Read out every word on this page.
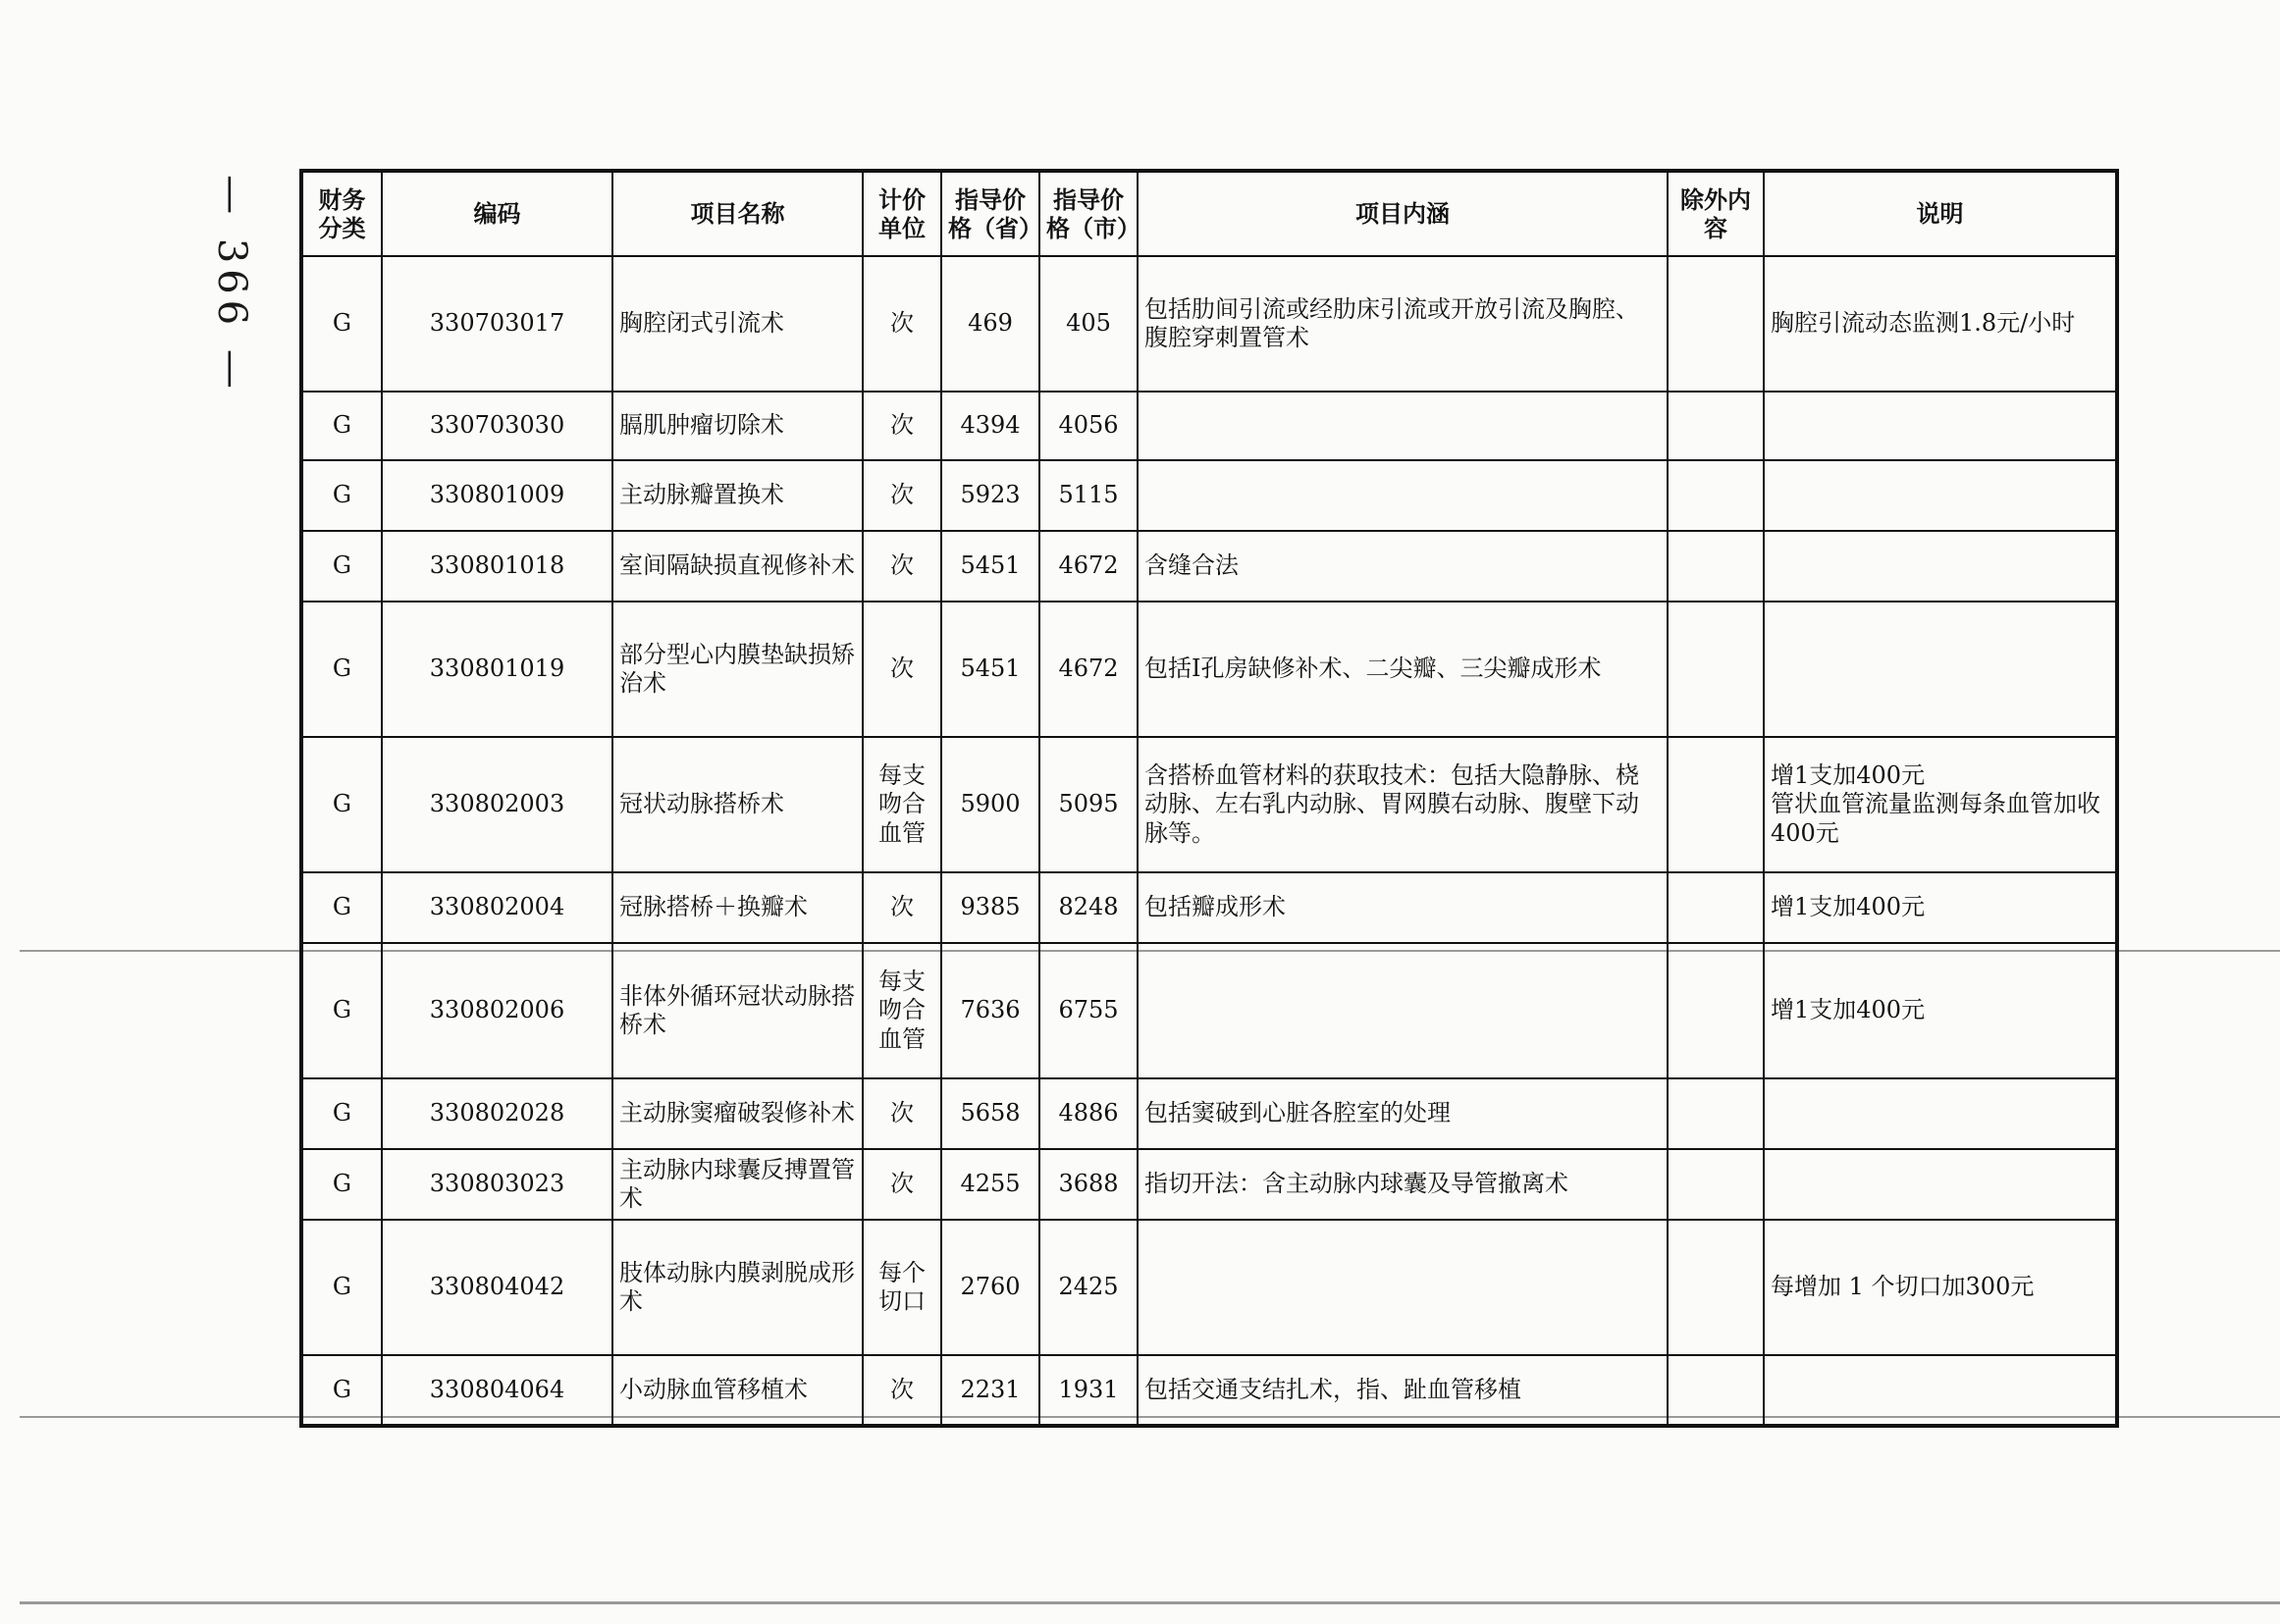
— 366 —	财务分类	编码	项目名称	计价单位	指导价格（省）	指导价格（市）	项目内涵	除外内容	说明
G	330703017	胸腔闭式引流术	次	469	405	包括肋间引流或经肋床引流或开放引流及胸腔、腹腔穿刺置管术		胸腔引流动态监测1.8元/小时
G	330703030	膈肌肿瘤切除术	次	4394	4056			
G	330801009	主动脉瓣置换术	次	5923	5115			
G	330801018	室间隔缺损直视修补术	次	5451	4672	含缝合法		
G	330801019	部分型心内膜垫缺损矫治术	次	5451	4672	包括Ⅰ孔房缺修补术、二尖瓣、三尖瓣成形术		
G	330802003	冠状动脉搭桥术	每支吻合血管	5900	5095	含搭桥血管材料的获取技术：包括大隐静脉、桡动脉、左右乳内动脉、胃网膜右动脉、腹壁下动脉等。		增1支加400元
管状血管流量监测每条血管加收400元
G	330802004	冠脉搭桥＋换瓣术	次	9385	8248	包括瓣成形术		增1支加400元
G	330802006	非体外循环冠状动脉搭桥术	每支吻合血管	7636	6755			增1支加400元
G	330802028	主动脉窦瘤破裂修补术	次	5658	4886	包括窦破到心脏各腔室的处理		
G	330803023	主动脉内球囊反搏置管术	次	4255	3688	指切开法：含主动脉内球囊及导管撤离术		
G	330804042	肢体动脉内膜剥脱成形术	每个切口	2760	2425			每增加 1 个切口加300元
G	330804064	小动脉血管移植术	次	2231	1931	包括交通支结扎术，指、趾血管移植		
